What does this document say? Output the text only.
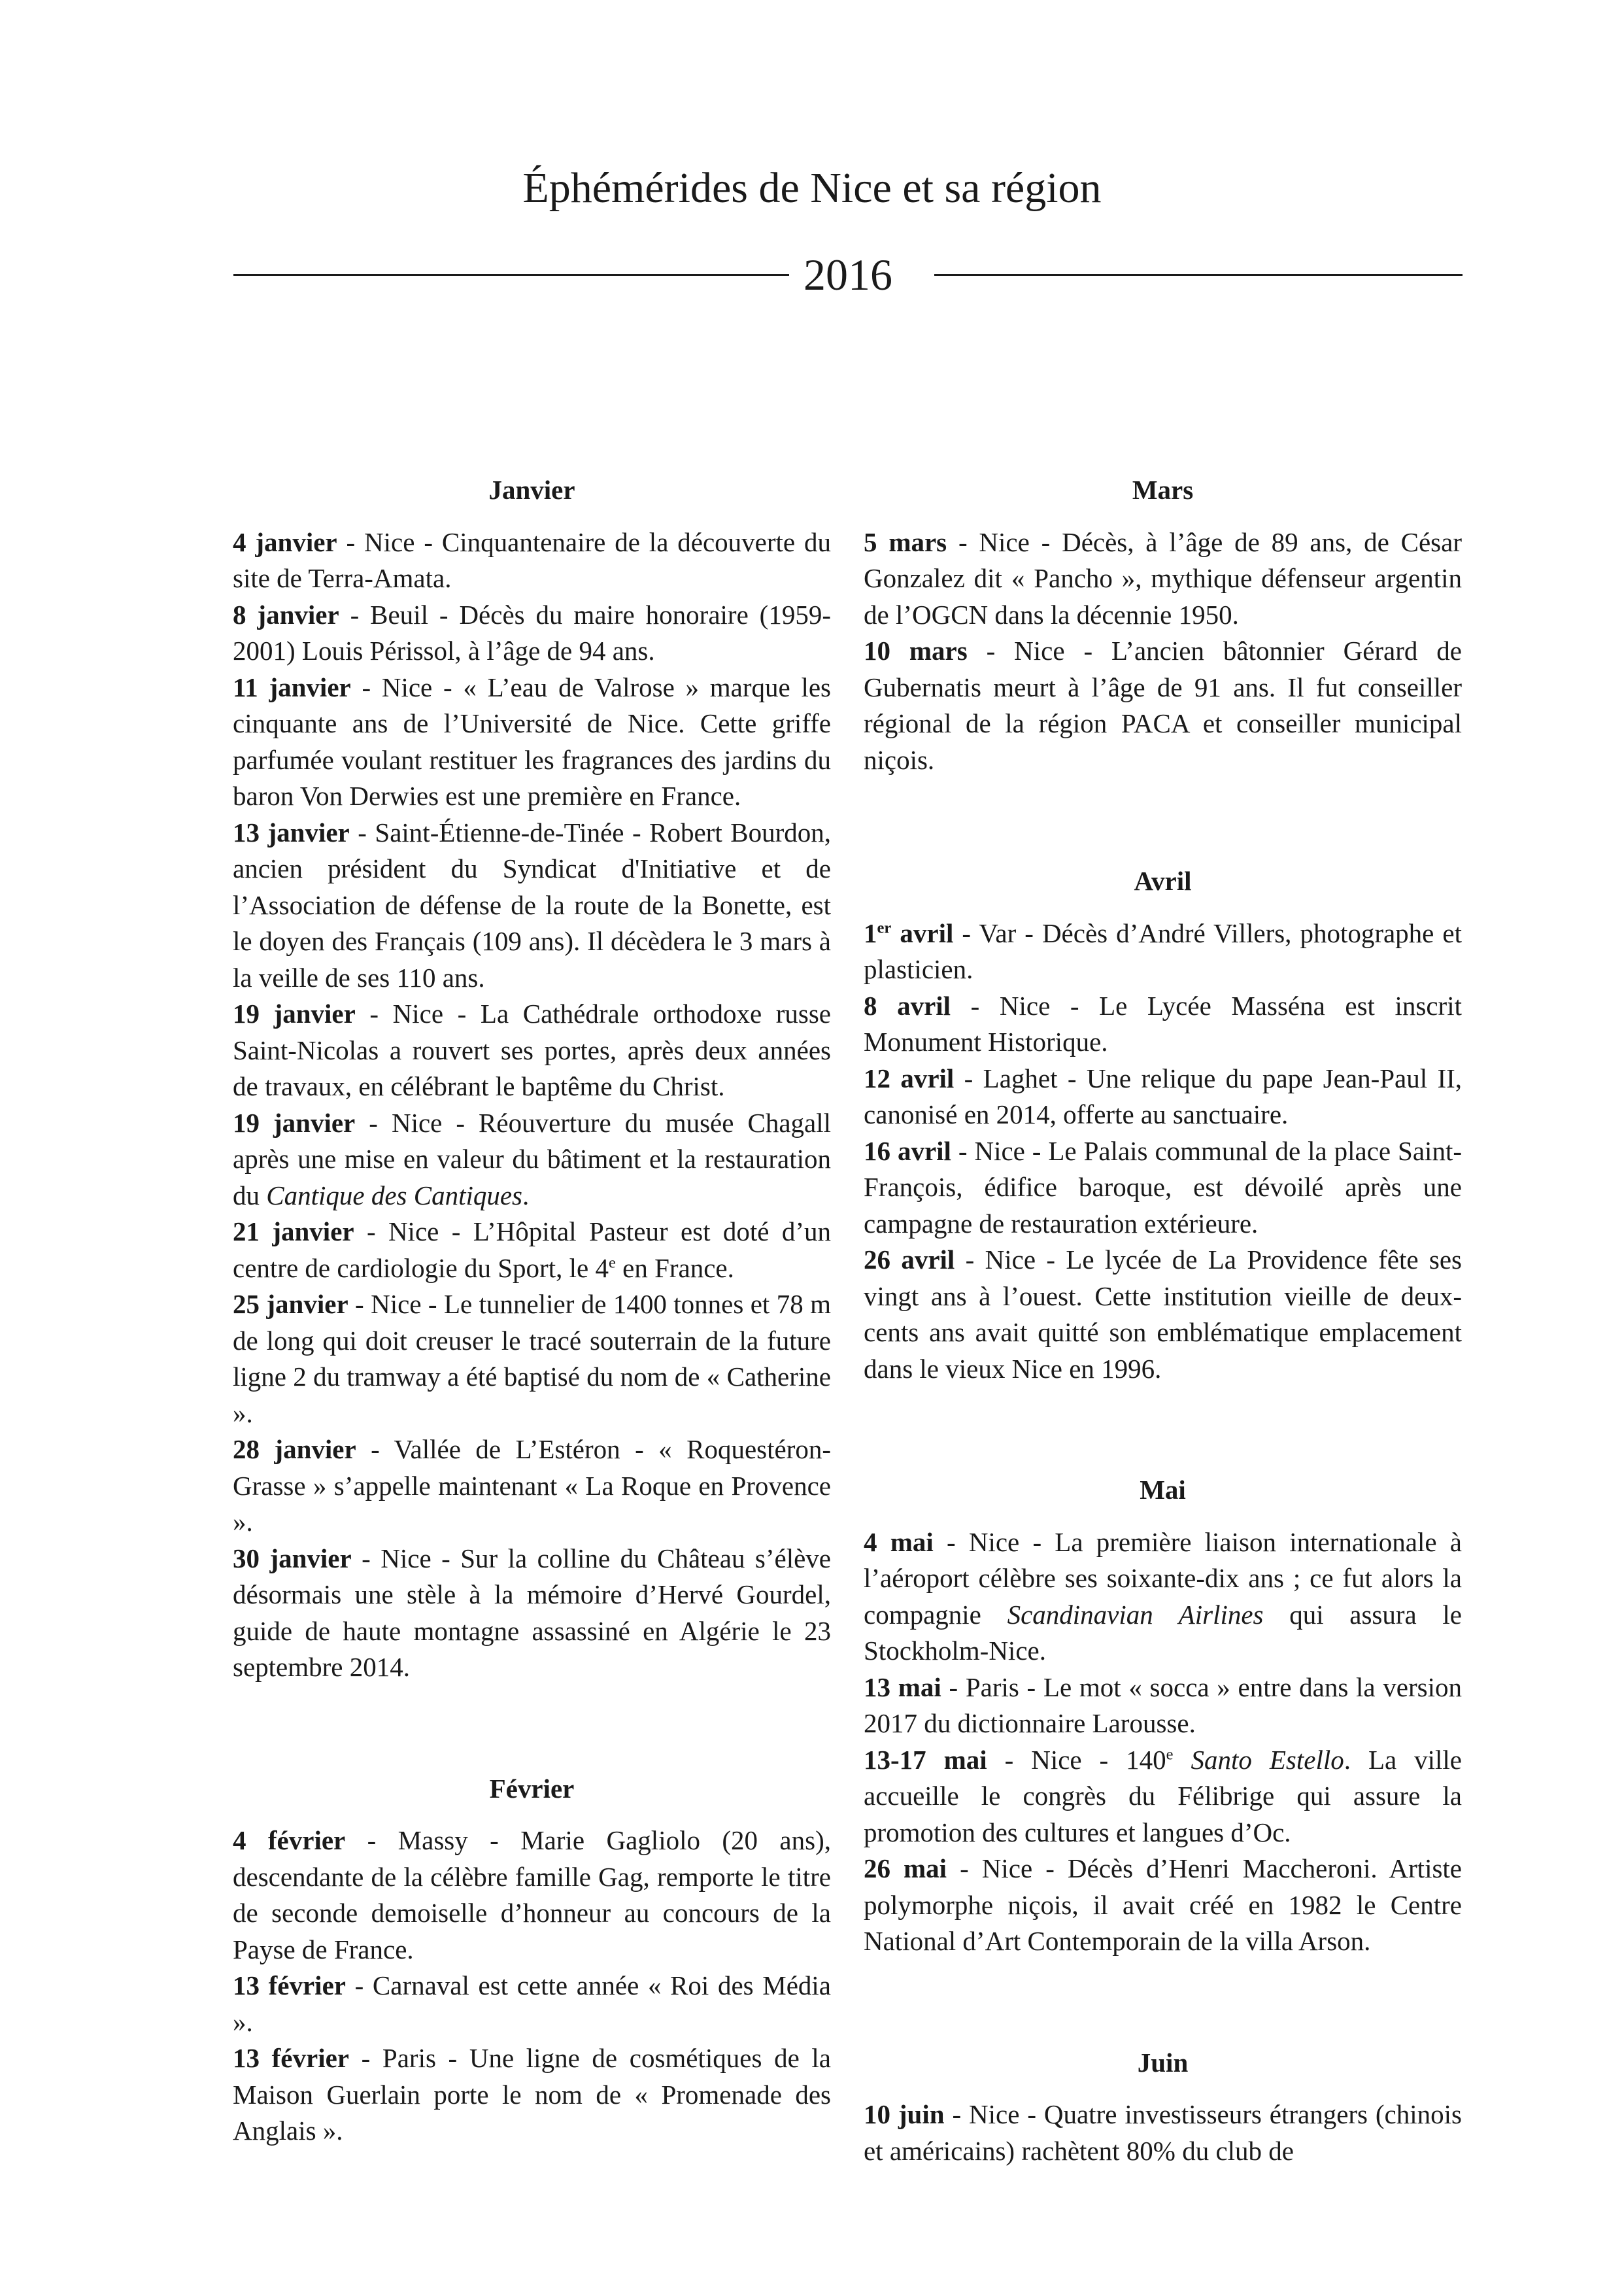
Éphémérides de Nice et sa région
2016
Janvier

4 janvier - Nice - Cinquantenaire de la découverte du site de Terra-Amata.

8 janvier - Beuil - Décès du maire honoraire (1959-2001) Louis Périssol, à l’âge de 94 ans.

11 janvier - Nice - « L’eau de Valrose » marque les cinquante ans de l’Université de Nice. Cette griffe parfumée voulant restituer les fragrances des jardins du baron Von Derwies est une première en France.

13 janvier - Saint-Étienne-de-Tinée - Robert Bourdon, ancien président du Syndicat d'Initiative et de l’Association de défense de la route de la Bonette, est le doyen des Français (109 ans). Il décèdera le 3 mars à la veille de ses 110 ans.

19 janvier - Nice - La Cathédrale orthodoxe russe Saint-Nicolas a rouvert ses portes, après deux années de travaux, en célébrant le baptême du Christ.

19 janvier - Nice - Réouverture du musée Chagall après une mise en valeur du bâtiment et la restauration du Cantique des Cantiques.

21 janvier - Nice - L’Hôpital Pasteur est doté d’un centre de cardiologie du Sport, le 4e en France.

25 janvier - Nice - Le tunnelier de 1400 tonnes et 78 m de long qui doit creuser le tracé souterrain de la future ligne 2 du tramway a été baptisé du nom de « Catherine ».

28 janvier - Vallée de L’Estéron - « Roquestéron-Grasse » s’appelle maintenant « La Roque en Provence ».

30 janvier - Nice - Sur la colline du Château s’élève désormais une stèle à la mémoire d’Hervé Gourdel, guide de haute montagne assassiné en Algérie le 23 septembre 2014.

Février

4 février - Massy - Marie Gagliolo (20 ans), descendante de la célèbre famille Gag, remporte le titre de seconde demoiselle d’honneur au concours de la Payse de France.

13 février - Carnaval est cette année « Roi des Média ».

13 février - Paris - Une ligne de cosmétiques de la Maison Guerlain porte le nom de « Promenade des Anglais ».

Mars

5 mars - Nice - Décès, à l’âge de 89 ans, de César Gonzalez dit « Pancho », mythique défenseur argentin de l’OGCN dans la décennie 1950.

10 mars - Nice - L’ancien bâtonnier Gérard de Gubernatis meurt à l’âge de 91 ans. Il fut conseiller régional de la région PACA et conseiller municipal niçois.

Avril

1er avril - Var - Décès d’André Villers, photographe et plasticien.

8 avril - Nice - Le Lycée Masséna est inscrit Monument Historique.

12 avril - Laghet - Une relique du pape Jean-Paul II, canonisé en 2014, offerte au sanctuaire.

16 avril - Nice - Le Palais communal de la place Saint-François, édifice baroque, est dévoilé après une campagne de restauration extérieure.

26 avril - Nice - Le lycée de La Providence fête ses vingt ans à l’ouest. Cette institution vieille de deux-cents ans avait quitté son emblématique emplacement dans le vieux Nice en 1996.

Mai

4 mai - Nice - La première liaison internationale à l’aéroport célèbre ses soixante-dix ans ; ce fut alors la compagnie Scandinavian Airlines qui assura le Stockholm-Nice.

13 mai - Paris - Le mot « socca » entre dans la version 2017 du dictionnaire Larousse.

13-17 mai - Nice - 140e Santo Estello. La ville accueille le congrès du Félibrige qui assure la promotion des cultures et langues d’Oc.

26 mai - Nice - Décès d’Henri Maccheroni. Artiste polymorphe niçois, il avait créé en 1982 le Centre National d’Art Contemporain de la villa Arson.

Juin

10 juin - Nice - Quatre investisseurs étrangers (chinois et américains) rachètent 80% du club de
